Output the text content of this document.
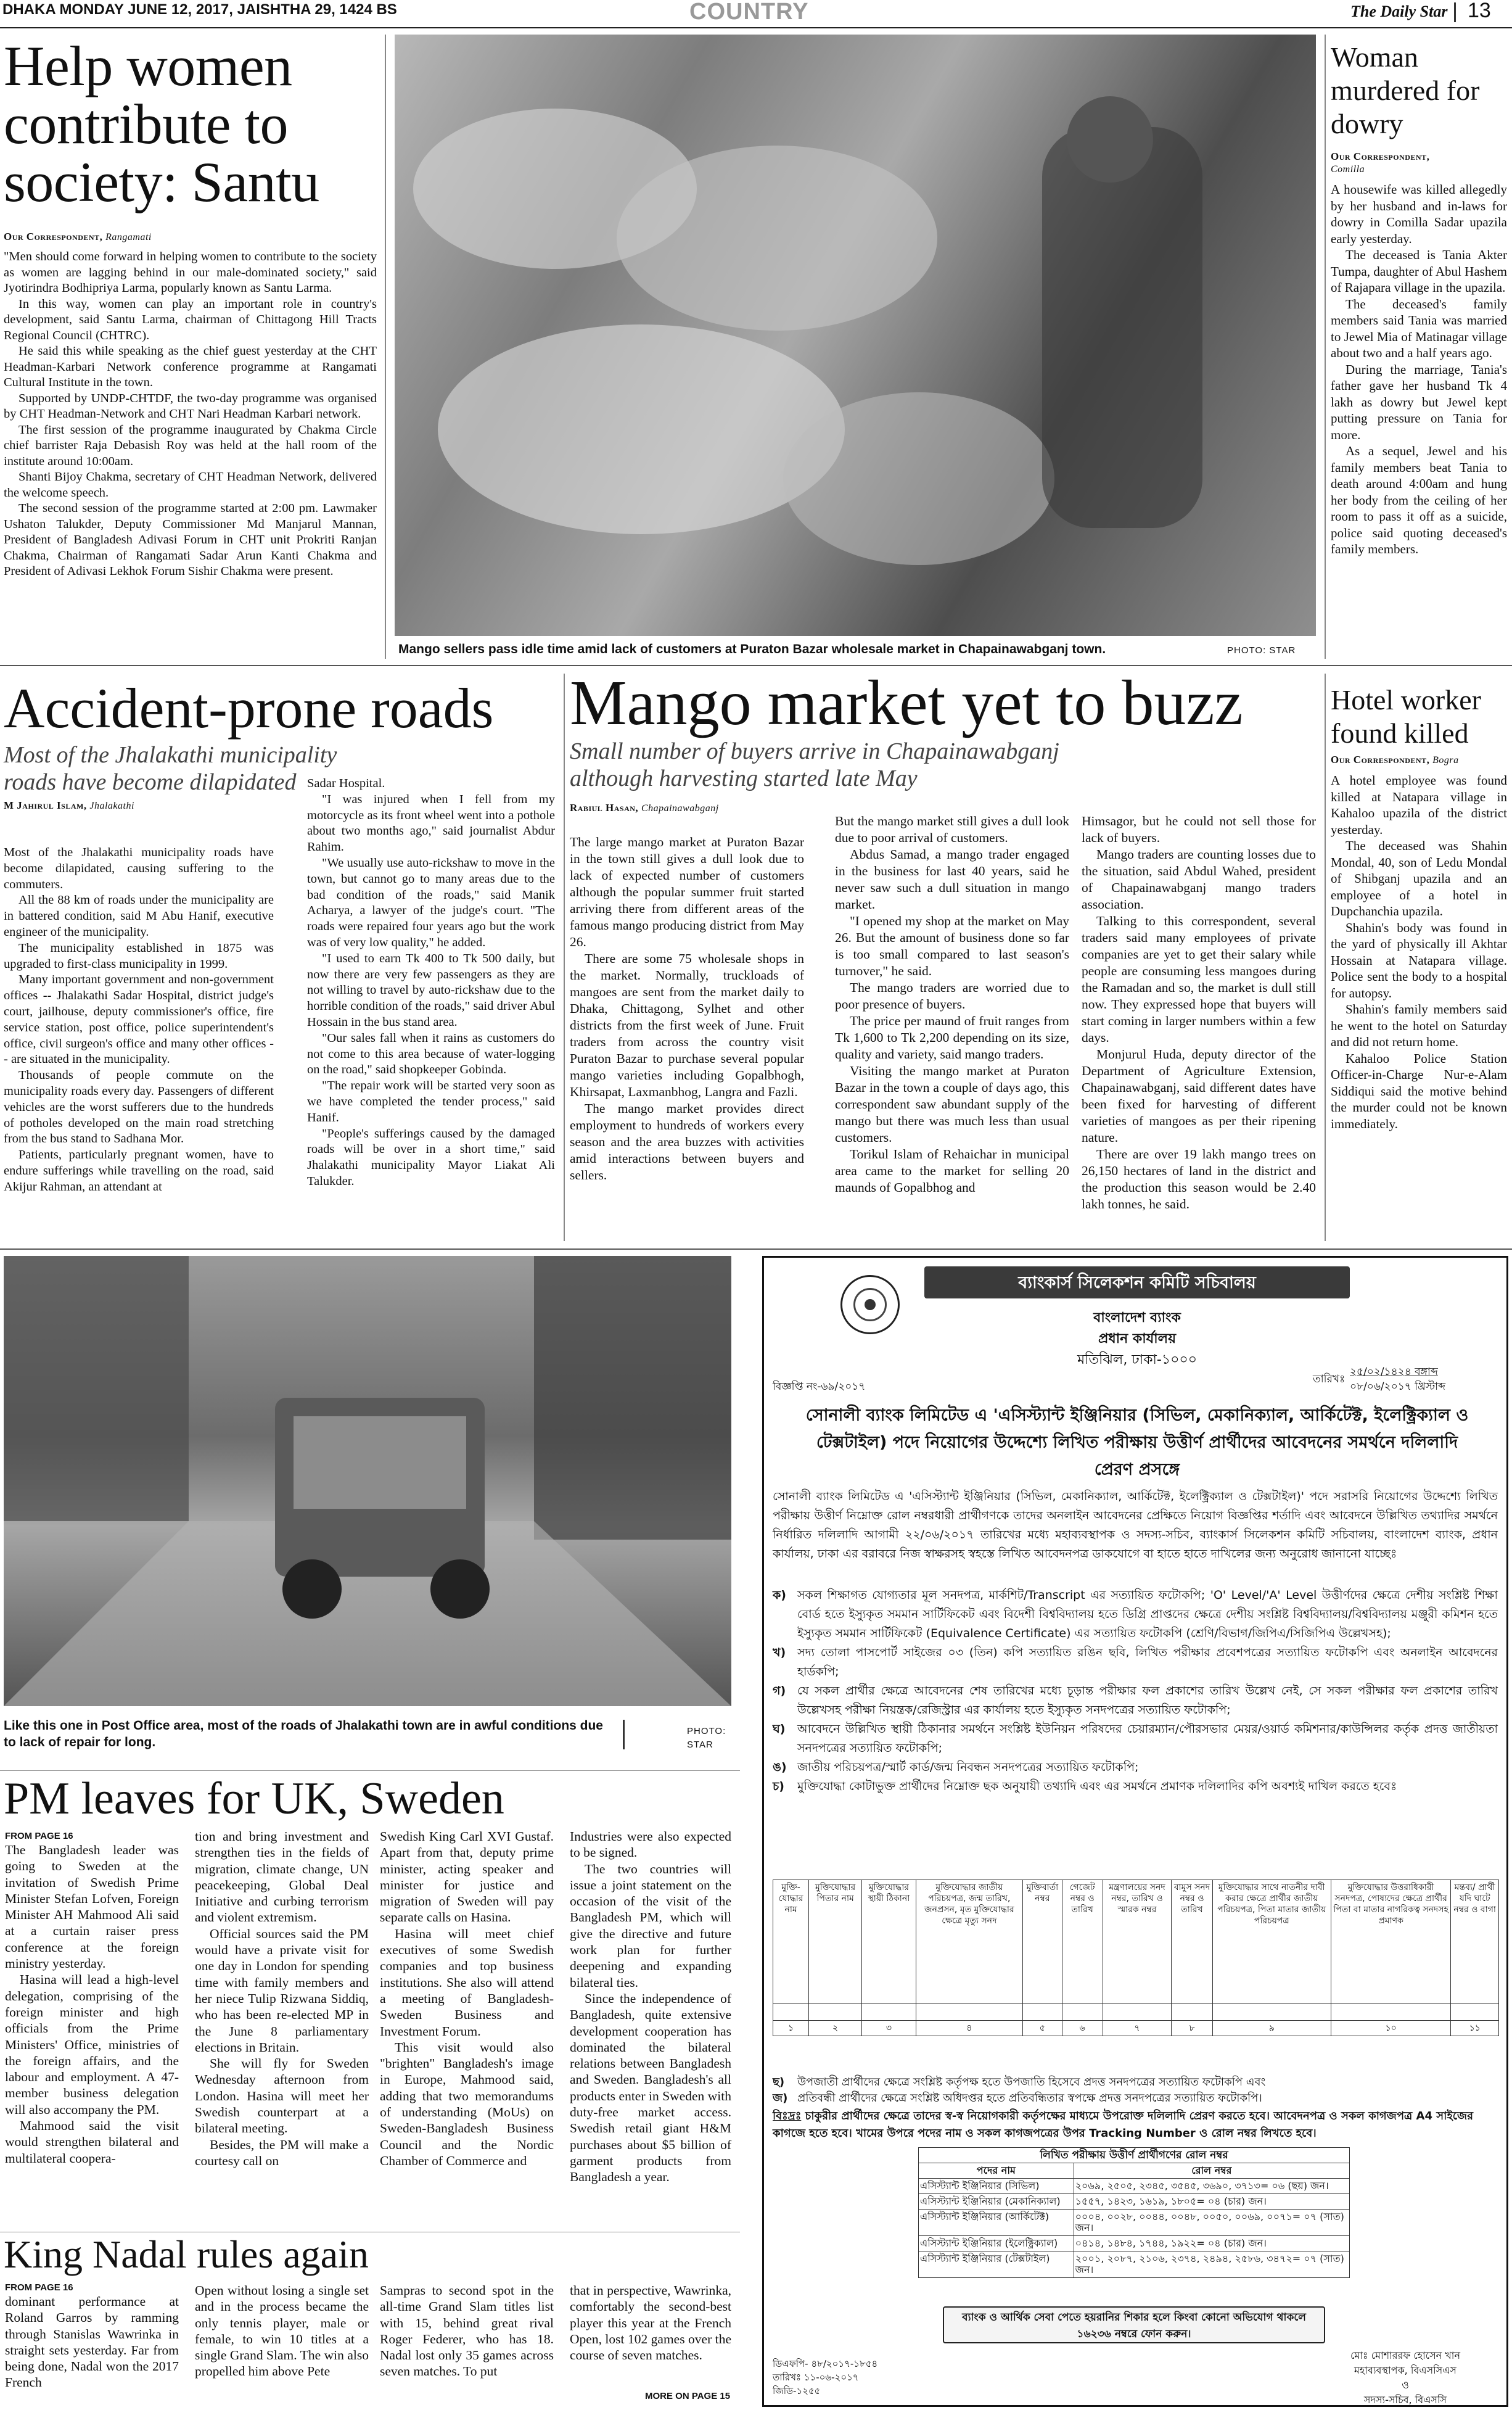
DHAKA MONDAY JUNE 12, 2017, JAISHTHA 29, 1424 BS	COUNTRY	The Daily Star 13
Help women contribute to society: Santu
Our Correspondent, Rangamati

"Men should come forward in helping women to contribute to the society as women are lagging behind in our male-dominated society," said Jyotirindra Bodhipriya Larma, popularly known as Santu Larma.

In this way, women can play an important role in country's development, said Santu Larma, chairman of Chittagong Hill Tracts Regional Council (CHTRC).

He said this while speaking as the chief guest yesterday at the CHT Headman-Karbari Network conference programme at Rangamati Cultural Institute in the town.

Supported by UNDP-CHTDF, the two-day programme was organised by CHT Headman-Network and CHT Nari Headman Karbari network.

The first session of the programme inaugurated by Chakma Circle chief barrister Raja Debasish Roy was held at the hall room of the institute around 10:00am.

Shanti Bijoy Chakma, secretary of CHT Headman Network, delivered the welcome speech.

The second session of the programme started at 2:00 pm. Lawmaker Ushaton Talukder, Deputy Commissioner Md Manjarul Mannan, President of Bangladesh Adivasi Forum in CHT unit Prokriti Ranjan Chakma, Chairman of Rangamati Sadar Arun Kanti Chakma and President of Adivasi Lekhok Forum Sishir Chakma were present.

Mango sellers pass idle time amid lack of customers at Puraton Bazar wholesale market in Chapainawabganj town.	PHOTO: STAR
Woman murdered for dowry
Our Correspondent,
Comilla

A housewife was killed allegedly by her husband and in-laws for dowry in Comilla Sadar upazila early yesterday.

The deceased is Tania Akter Tumpa, daughter of Abul Hashem of Rajapara village in the upazila.

The deceased's family members said Tania was married to Jewel Mia of Matinagar village about two and a half years ago.

During the marriage, Tania's father gave her husband Tk 4 lakh as dowry but Jewel kept putting pressure on Tania for more.

As a sequel, Jewel and his family members beat Tania to death around 4:00am and hung her body from the ceiling of her room to pass it off as a suicide, police said quoting deceased's family members.

Accident-prone roads
Most of the Jhalakathi municipality roads have become dilapidated
M Jahirul Islam, Jhalakathi

Most of the Jhalakathi municipality roads have become dilapidated, causing suffering to the commuters.

All the 88 km of roads under the municipality are in battered condition, said M Abu Hanif, executive engineer of the municipality.

The municipality established in 1875 was upgraded to first-class municipality in 1999.

Many important government and non-government offices -- Jhalakathi Sadar Hospital, district judge's court, jailhouse, deputy commissioner's office, fire service station, post office, police superintendent's office, civil surgeon's office and many other offices -- are situated in the municipality.

Thousands of people commute on the municipality roads every day. Passengers of different vehicles are the worst sufferers due to the hundreds of potholes developed on the main road stretching from the bus stand to Sadhana Mor.

Patients, particularly pregnant women, have to endure sufferings while travelling on the road, said Akijur Rahman, an attendant at

Sadar Hospital.

"I was injured when I fell from my motorcycle as its front wheel went into a pothole about two months ago," said journalist Abdur Rahim.

"We usually use auto-rickshaw to move in the town, but cannot go to many areas due to the bad condition of the roads," said Manik Acharya, a lawyer of the judge's court. "The roads were repaired four years ago but the work was of very low quality," he added.

"I used to earn Tk 400 to Tk 500 daily, but now there are very few passengers as they are not willing to travel by auto-rickshaw due to the horrible condition of the roads," said driver Abul Hossain in the bus stand area.

"Our sales fall when it rains as customers do not come to this area because of water-logging on the road," said shopkeeper Gobinda.

"The repair work will be started very soon as we have completed the tender process," said Hanif.

"People's sufferings caused by the damaged roads will be over in a short time," said Jhalakathi municipality Mayor Liakat Ali Talukder.

Mango market yet to buzz
Small number of buyers arrive in Chapainawabganj although harvesting started late May
Rabiul Hasan, Chapainawabganj

The large mango market at Puraton Bazar in the town still gives a dull look due to lack of expected number of customers although the popular summer fruit started arriving there from different areas of the famous mango producing district from May 26.

There are some 75 wholesale shops in the market. Normally, truckloads of mangoes are sent from the market daily to Dhaka, Chittagong, Sylhet and other districts from the first week of June. Fruit traders from across the country visit Puraton Bazar to purchase several popular mango varieties including Gopalbhogh, Khirsapat, Laxmanbhog, Langra and Fazli.

The mango market provides direct employment to hundreds of workers every season and the area buzzes with activities amid interactions between buyers and sellers.

But the mango market still gives a dull look due to poor arrival of customers.

Abdus Samad, a mango trader engaged in the business for last 40 years, said he never saw such a dull situation in mango market.

"I opened my shop at the market on May 26. But the amount of business done so far is too small compared to last season's turnover," he said.

The mango traders are worried due to poor presence of buyers.

The price per maund of fruit ranges from Tk 1,600 to Tk 2,200 depending on its size, quality and variety, said mango traders.

Visiting the mango market at Puraton Bazar in the town a couple of days ago, this correspondent saw abundant supply of the mango but there was much less than usual customers.

Torikul Islam of Rehaichar in municipal area came to the market for selling 20 maunds of Gopalbhog and

Himsagor, but he could not sell those for lack of buyers.

Mango traders are counting losses due to the situation, said Abdul Wahed, president of Chapainawabganj mango traders association.

Talking to this correspondent, several traders said many employees of private companies are yet to get their salary while people are consuming less mangoes during the Ramadan and so, the market is dull still now. They expressed hope that buyers will start coming in larger numbers within a few days.

Monjurul Huda, deputy director of the Department of Agriculture Extension, Chapainawabganj, said different dates have been fixed for harvesting of different varieties of mangoes as per their ripening nature.

There are over 19 lakh mango trees on 26,150 hectares of land in the district and the production this season would be 2.40 lakh tonnes, he said.

Hotel worker found killed
Our Correspondent, Bogra

A hotel employee was found killed at Natapara village in Kahaloo upazila of the district yesterday.

The deceased was Shahin Mondal, 40, son of Ledu Mondal of Shibganj upazila and an employee of a hotel in Dupchanchia upazila.

Shahin's body was found in the yard of physically ill Akhtar Hossain at Natapara village. Police sent the body to a hospital for autopsy.

Shahin's family members said he went to the hotel on Saturday and did not return home.

Kahaloo Police Station Officer-in-Charge Nur-e-Alam Siddiqui said the motive behind the murder could not be known immediately.

Like this one in Post Office area, most of the roads of Jhalakathi town are in awful conditions due to lack of repair for long.
PHOTO: STAR
PM leaves for UK, Sweden
FROM PAGE 16

The Bangladesh leader was going to Sweden at the invitation of Swedish Prime Minister Stefan Lofven, Foreign Minister AH Mahmood Ali said at a curtain raiser press conference at the foreign ministry yesterday.

Hasina will lead a high-level delegation, comprising of the foreign minister and high officials from the Prime Ministers' Office, ministries of the foreign affairs, and the labour and employment. A 47-member business delegation will also accompany the PM.

Mahmood said the visit would strengthen bilateral and multilateral coopera-

tion and bring investment and strengthen ties in the fields of migration, climate change, UN peacekeeping, Global Deal Initiative and curbing terrorism and violent extremism.

Official sources said the PM would have a private visit for one day in London for spending time with family members and her niece Tulip Rizwana Siddiq, who has been re-elected MP in the June 8 parliamentary elections in Britain.

She will fly for Sweden Wednesday afternoon from London. Hasina will meet her Swedish counterpart at a bilateral meeting.

Besides, the PM will make a courtesy call on

Swedish King Carl XVI Gustaf. Apart from that, deputy prime minister, acting speaker and minister for justice and migration of Sweden will pay separate calls on Hasina.

Hasina will meet chief executives of some Swedish companies and top business institutions. She also will attend a meeting of Bangladesh-Sweden Business and Investment Forum.

This visit would also "brighten" Bangladesh's image in Europe, Mahmood said, adding that two memorandums of understanding (MoUs) on Sweden-Bangladesh Business Council and the Nordic Chamber of Commerce and

Industries were also expected to be signed.

The two countries will issue a joint statement on the occasion of the visit of the Bangladesh PM, which will give the directive and future work plan for further deepening and expanding bilateral ties.

Since the independence of Bangladesh, quite extensive development cooperation has dominated the bilateral relations between Bangladesh and Sweden. Bangladesh's all products enter in Sweden with duty-free market access. Swedish retail giant H&M purchases about $5 billion of garment products from Bangladesh a year.

King Nadal rules again
FROM PAGE 16
dominant performance at Roland Garros by ramming through Stanislas Wawrinka in straight sets yesterday. Far from being done, Nadal won the 2017 French
Open without losing a single set and in the process became the only tennis player, male or female, to win 10 titles at a single Grand Slam. The win also propelled him above Pete
Sampras to second spot in the all-time Grand Slam titles list with 15, behind great rival Roger Federer, who has 18. Nadal lost only 35 games across seven matches. To put
that in perspective, Wawrinka, comfortably the second-best player this year at the French Open, lost 102 games over the course of seven matches.
MORE ON PAGE 15
ব্যাংকার্স সিলেকশন কমিটি সচিবালয়
বাংলাদেশ ব্যাংক
প্রধান কার্যালয়
মতিঝিল, ঢাকা-১০০০
বিজ্ঞপ্তি নং-৬৯/২০১৭
তারিখঃ
২৫/০২/১৪২৪ বঙ্গাব্দ
০৮/০৬/২০১৭ খ্রিস্টাব্দ
সোনালী ব্যাংক লিমিটেড এ 'এসিস্ট্যান্ট ইঞ্জিনিয়ার (সিভিল, মেকানিক্যাল, আর্কিটেক্ট, ইলেক্ট্রিক্যাল ও টেক্সটাইল) পদে নিয়োগের উদ্দেশ্যে লিখিত পরীক্ষায় উত্তীর্ণ প্রার্থীদের আবেদনের সমর্থনে দলিলাদি প্রেরণ প্রসঙ্গে
সোনালী ব্যাংক লিমিটেড এ 'এসিস্ট্যান্ট ইঞ্জিনিয়ার (সিভিল, মেকানিক্যাল, আর্কিটেক্ট, ইলেক্ট্রিক্যাল ও টেক্সটাইল)' পদে সরাসরি নিয়োগের উদ্দেশ্যে লিখিত পরীক্ষায় উত্তীর্ণ নিম্নোক্ত রোল নম্বরধারী প্রার্থীগণকে তাদের অনলাইন আবেদনের প্রেক্ষিতে নিয়োগ বিজ্ঞপ্তির শর্তাদি এবং আবেদনে উল্লিখিত তথ্যাদির সমর্থনে নির্ধারিত দলিলাদি আগামী ২২/০৬/২০১৭ তারিখের মধ্যে মহাব্যবস্থাপক ও সদস্য-সচিব, ব্যাংকার্স সিলেকশন কমিটি সচিবালয়, বাংলাদেশ ব্যাংক, প্রধান কার্যালয়, ঢাকা এর বরাবরে নিজ স্বাক্ষরসহ স্বহস্তে লিখিত আবেদনপত্র ডাকযোগে বা হাতে হাতে দাখিলের জন্য অনুরোধ জানানো যাচ্ছেঃ
ক) সকল শিক্ষাগত যোগ্যতার মূল সনদপত্র, মার্কশিট/Transcript এর সত্যায়িত ফটোকপি; 'O' Level/'A' Level উত্তীর্ণদের ক্ষেত্রে দেশীয় সংশ্লিষ্ট শিক্ষা বোর্ড হতে ইস্যুকৃত সমমান সার্টিফিকেট এবং বিদেশী বিশ্ববিদ্যালয় হতে ডিগ্রি প্রাপ্তদের ক্ষেত্রে দেশীয় সংশ্লিষ্ট বিশ্ববিদ্যালয়/বিশ্ববিদ্যালয় মঞ্জুরী কমিশন হতে ইস্যুকৃত সমমান সার্টিফিকেট (Equivalence Certificate) এর সত্যায়িত ফটোকপি (শ্রেণি/বিভাগ/জিপিএ/সিজিপিএ উল্লেখসহ);
খ) সদ্য তোলা পাসপোর্ট সাইজের ০৩ (তিন) কপি সত্যায়িত রঙিন ছবি, লিখিত পরীক্ষার প্রবেশপত্রের সত্যায়িত ফটোকপি এবং অনলাইন আবেদনের হার্ডকপি;
গ) যে সকল প্রার্থীর ক্ষেত্রে আবেদনের শেষ তারিখের মধ্যে চূড়ান্ত পরীক্ষার ফল প্রকাশের তারিখ উল্লেখ নেই, সে সকল পরীক্ষার ফল প্রকাশের তারিখ উল্লেখসহ পরীক্ষা নিয়ন্ত্রক/রেজিস্ট্রার এর কার্যালয় হতে ইস্যুকৃত সনদপত্রের সত্যায়িত ফটোকপি;
ঘ)	আবেদনে উল্লিখিত স্থায়ী ঠিকানার সমর্থনে সংশ্লিষ্ট ইউনিয়ন পরিষদের চেয়ারম্যান/পৌরসভার মেয়র/ওয়ার্ড কমিশনার/কাউন্সিলর কর্তৃক প্রদত্ত জাতীয়তা সনদপত্রের সত্যায়িত ফটোকপি;
ঙ) জাতীয় পরিচয়পত্র/স্মার্ট কার্ড/জন্ম নিবন্ধন সনদপত্রের সত্যায়িত ফটোকপি;
চ)	মুক্তিযোদ্ধা কোটাভুক্ত প্রার্থীদের নিম্নোক্ত ছক অনুযায়ী তথ্যাদি এবং এর সমর্থনে প্রমাণক দলিলাদির কপি অবশ্যই দাখিল করতে হবেঃ
মুক্তি-যোদ্ধার নাম	মুক্তিযোদ্ধার পিতার নাম	মুক্তিযোদ্ধার স্থায়ী ঠিকানা	মুক্তিযোদ্ধার জাতীয় পরিচয়পত্র, জন্ম তারিখ, জনপ্রসন, মৃত মুক্তিযোদ্ধার ক্ষেত্রে মৃত্যু সনদ	মুক্তিবার্তা নম্বর	গেজেট নম্বর ও তারিখ	মন্ত্রণালয়ের সনদ নম্বর, তারিখ ও স্মারক নম্বর	বামুস সনদ নম্বর ও তারিখ	মুক্তিযোদ্ধার সাথে নাতনীর দাবী করার ক্ষেত্রে প্রার্থীর জাতীয় পরিচয়পত্র, পিতা মাতার জাতীয় পরিচয়পত্র	মুক্তিযোদ্ধার উত্তরাধিকারী সনদপত্র, পোষ্যদের ক্ষেত্রে প্রার্থীর পিতা বা মাতার নাগরিকত্ব সনদসহ প্রমাণক	মন্তব্য/ প্রার্থী যদি ঘাটে নম্বর ও বাগা

১	২	৩	৪	৫	৬	৭	৮	৯	১০	১১
ছ)	উপজাতী প্রার্থীদের ক্ষেত্রে সংশ্লিষ্ট কর্তৃপক্ষ হতে উপজাতি হিসেবে প্রদত্ত সনদপত্রের সত্যায়িত ফটোকপি এবং
জ) প্রতিবন্ধী প্রার্থীদের ক্ষেত্রে সংশ্লিষ্ট অধিদপ্তর হতে প্রতিবন্ধিতার স্বপক্ষে প্রদত্ত সনদপত্রের সত্যায়িত ফটোকপি।
বিঃদ্রঃ চাকুরীর প্রার্থীদের ক্ষেত্রে তাদের স্ব-স্ব নিয়োগকারী কর্তৃপক্ষের মাধ্যমে উপরোক্ত দলিলাদি প্রেরণ করতে হবে। আবেদনপত্র ও সকল কাগজপত্র A4 সাইজের কাগজে হতে হবে। খামের উপরে পদের নাম ও সকল কাগজপত্রের উপর Tracking Number ও রোল নম্বর লিখতে হবে।
লিখিত পরীক্ষায় উত্তীর্ণ প্রার্থীগণের রোল নম্বর	
পদের নাম	রোল নম্বর
এসিস্ট্যান্ট ইঞ্জিনিয়ার (সিভিল)	২০৬৯, ২৫০৫, ২৩৪৫, ৩৫৪৫, ৩৬৯০, ৩৭১৩= ০৬ (ছয়) জন।
এসিস্ট্যান্ট ইঞ্জিনিয়ার (মেকানিক্যাল)	১৫৫৭, ১৪২৩, ১৬১৯, ১৮০৫= ০৪ (চার) জন।
এসিস্ট্যান্ট ইঞ্জিনিয়ার (আর্কিটেক্ট)	০০০৪, ০০২৮, ০০৪৪, ০০৪৮, ০০৫০, ০০৬৯, ০০৭১= ০৭ (সাত) জন।
এসিস্ট্যান্ট ইঞ্জিনিয়ার (ইলেক্ট্রিক্যাল)	০৪১৪, ১৪৮৪, ১৭৪৪, ১৯২২= ০৪ (চার) জন।
এসিস্ট্যান্ট ইঞ্জিনিয়ার (টেক্সটাইল)	২০০১, ২০৮৭, ২১০৬, ২৩৭৪, ২৪৯৪, ২৫৮৬, ৩৪৭২= ০৭ (সাত) জন।
ব্যাংক ও আর্থিক সেবা পেতে হয়রানির শিকার হলে কিংবা কোনো অভিযোগ থাকলে ১৬২৩৬ নম্বরে ফোন করুন।
মোঃ মোশাররফ হোসেন খান
মহাব্যবস্থাপক, বিএসসিএস
ও
সদস্য-সচিব, বিএসসি
ডিএফপি- ৪৮/২০১৭-১৮৫৪
তারিখঃ ১১-০৬-২০১৭
জিডি-১২৫৫
